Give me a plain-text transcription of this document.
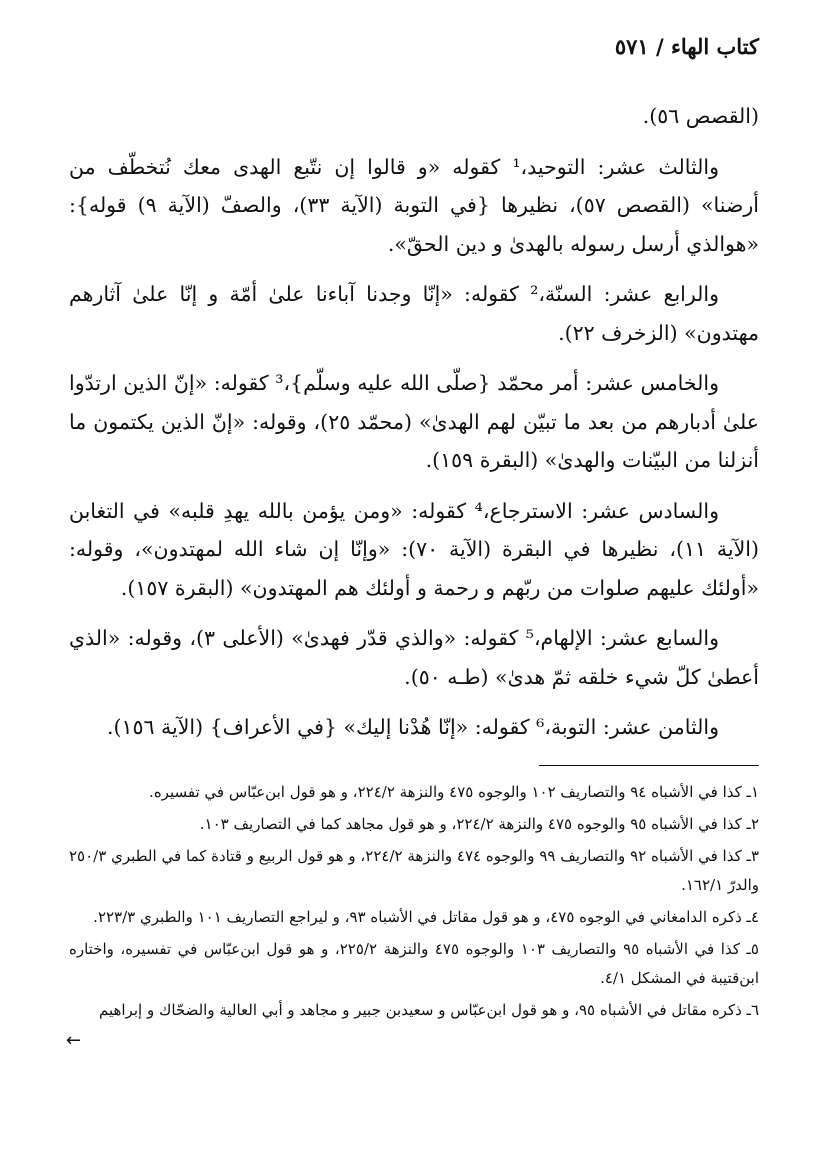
كتاب الهاء / ٥٧١

(القصص ٥٦).

والثالث عشر: التوحيد،¹ كقوله «و قالوا إن نتّبع الهدى معك نُتخطّف من أرضنا» (القصص ٥٧)، نظيرها {في التوبة (الآية ٣٣)، والصفّ (الآية ٩) قوله}: «هوالذي أرسل رسوله بالهدىٰ و دين الحقّ».

والرابع عشر: السنّة،² كقوله: «إنّا وجدنا آباءنا علىٰ أمّة و إنّا علىٰ آثارهم مهتدون» (الزخرف ٢٢).

والخامس عشر: أمر محمّد {صلّى الله عليه وسلّم}،³ كقوله: «إنّ الذين ارتدّوا علىٰ أدبارهم من بعد ما تبيّن لهم الهدىٰ» (محمّد ٢٥)، وقوله: «إنّ الذين يكتمون ما أنزلنا من البيّنات والهدىٰ» (البقرة ١٥٩).

والسادس عشر: الاسترجاع،⁴ كقوله: «ومن يؤمن بالله يهدِ قلبه» في التغابن (الآية ١١)، نظيرها في البقرة (الآية ٧٠): «وإنّا إن شاء الله لمهتدون»، وقوله: «أولئك عليهم صلوات من ربّهم و رحمة و أولئك هم المهتدون» (البقرة ١٥٧).

والسابع عشر: الإلهام،⁵ كقوله: «والذي قدّر فهدىٰ» (الأعلى ٣)، وقوله: «الذي أعطىٰ كلّ شيء خلقه ثمّ هدىٰ» (طـه ٥٠).

والثامن عشر: التوبة،⁶ كقوله: «إنّا هُدْنا إليك» {في الأعراف} (الآية ١٥٦).

١ـ كذا في الأشباه ٩٤ والتصاريف ١٠٢ والوجوه ٤٧٥ والنزهة ٢٢٤/٢، و هو قول ابن‌عبّاس في تفسيره.
٢ـ كذا في الأشباه ٩٥ والوجوه ٤٧٥ والنزهة ٢٢٤/٢، و هو قول مجاهد كما في التصاريف ١٠٣.
٣ـ كذا في الأشباه ٩٢ والتصاريف ٩٩ والوجوه ٤٧٤ والنزهة ٢٢٤/٢، و هو قول الربيع و قتادة كما في الطبري ٢٥٠/٣ والدرّ ١٦٢/١.
٤ـ ذكره الدامغاني في الوجوه ٤٧٥، و هو قول مقاتل في الأشباه ٩٣، و ليراجع التصاريف ١٠١ والطبري ٢٢٣/٣.
٥ـ كذا في الأشباه ٩٥ والتصاريف ١٠٣ والوجوه ٤٧٥ والنزهة ٢٢٥/٢، و هو قول ابن‌عبّاس في تفسيره، واختاره ابن‌قتيبة في المشكل ٤/١.
٦ـ ذكره مقاتل في الأشباه ٩٥، و هو قول ابن‌عبّاس و سعيدبن جبير و مجاهد و أبي العالية والضحّاك و إبراهيم
←
